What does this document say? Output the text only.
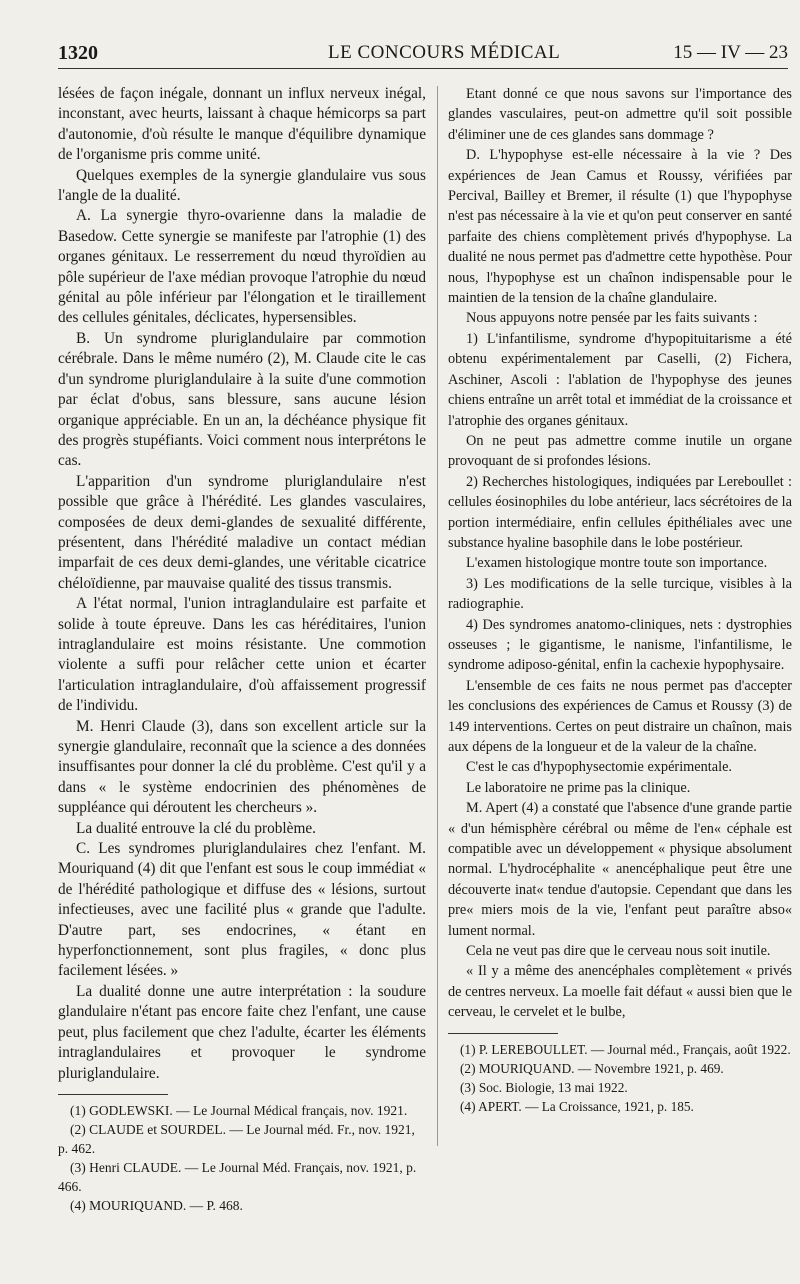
1320	LE CONCOURS MÉDICAL	15 — IV — 23

lésées de façon inégale, donnant un influx nerveux inégal, inconstant, avec heurts, laissant à chaque hémicorps sa part d'autonomie, d'où résulte le manque d'équilibre dynamique de l'organisme pris comme unité.

Quelques exemples de la synergie glandulaire vus sous l'angle de la dualité.

A. La synergie thyro-ovarienne dans la maladie de Basedow. Cette synergie se manifeste par l'atrophie (1) des organes génitaux. Le resserrement du nœud thyroïdien au pôle supérieur de l'axe médian provoque l'atrophie du nœud génital au pôle inférieur par l'élongation et le tiraillement des cellules génitales, déclicates, hypersensibles.

B. Un syndrome pluriglandulaire par commotion cérébrale. Dans le même numéro (2), M. Claude cite le cas d'un syndrome pluriglandulaire à la suite d'une commotion par éclat d'obus, sans blessure, sans aucune lésion organique appréciable. En un an, la déchéance physique fit des progrès stupéfiants. Voici comment nous interprétons le cas.

L'apparition d'un syndrome pluriglandulaire n'est possible que grâce à l'hérédité. Les glandes vasculaires, composées de deux demi-glandes de sexualité différente, présentent, dans l'hérédité maladive un contact médian imparfait de ces deux demi-glandes, une véritable cicatrice chéloïdienne, par mauvaise qualité des tissus transmis.

A l'état normal, l'union intraglandulaire est parfaite et solide à toute épreuve. Dans les cas héréditaires, l'union intraglandulaire est moins résistante. Une commotion violente a suffi pour relâcher cette union et écarter l'articulation intraglandulaire, d'où affaissement progressif de l'individu.

M. Henri Claude (3), dans son excellent article sur la synergie glandulaire, reconnaît que la science a des données insuffisantes pour donner la clé du problème. C'est qu'il y a dans « le système endocrinien des phénomènes de suppléance qui déroutent les chercheurs ».

La dualité entrouve la clé du problème.

C. Les syndromes pluriglandulaires chez l'enfant. M. Mouriquand (4) dit que l'enfant est sous le coup immédiat « de l'hérédité pathologique et diffuse des « lésions, surtout infectieuses, avec une facilité plus « grande que l'adulte. D'autre part, ses endocrines, « étant en hyperfonctionnement, sont plus fragiles, « donc plus facilement lésées. »

La dualité donne une autre interprétation : la soudure glandulaire n'étant pas encore faite chez l'enfant, une cause peut, plus facilement que chez l'adulte, écarter les éléments intraglandulaires et provoquer le syndrome pluriglandulaire.

(1) GODLEWSKI. — Le Journal Médical français, nov. 1921.

(2) CLAUDE et SOURDEL. — Le Journal méd. Fr., nov. 1921, p. 462.

(3) Henri CLAUDE. — Le Journal Méd. Français, nov. 1921, p. 466.

(4) MOURIQUAND. — P. 468.

Etant donné ce que nous savons sur l'importance des glandes vasculaires, peut-on admettre qu'il soit possible d'éliminer une de ces glandes sans dommage ?

D. L'hypophyse est-elle nécessaire à la vie ? Des expériences de Jean Camus et Roussy, vérifiées par Percival, Bailley et Bremer, il résulte (1) que l'hypophyse n'est pas nécessaire à la vie et qu'on peut conserver en santé parfaite des chiens complètement privés d'hypophyse. La dualité ne nous permet pas d'admettre cette hypothèse. Pour nous, l'hypophyse est un chaînon indispensable pour le maintien de la tension de la chaîne glandulaire.

Nous appuyons notre pensée par les faits suivants :

1) L'infantilisme, syndrome d'hypopituitarisme a été obtenu expérimentalement par Caselli, (2) Fichera, Aschiner, Ascoli : l'ablation de l'hypophyse des jeunes chiens entraîne un arrêt total et immédiat de la croissance et l'atrophie des organes génitaux.

On ne peut pas admettre comme inutile un organe provoquant de si profondes lésions.

2) Recherches histologiques, indiquées par Lereboullet : cellules éosinophiles du lobe antérieur, lacs sécrétoires de la portion intermédiaire, enfin cellules épithéliales avec une substance hyaline basophile dans le lobe postérieur.

L'examen histologique montre toute son importance.

3) Les modifications de la selle turcique, visibles à la radiographie.

4) Des syndromes anatomo-cliniques, nets : dystrophies osseuses ; le gigantisme, le nanisme, l'infantilisme, le syndrome adiposo-génital, enfin la cachexie hypophysaire.

L'ensemble de ces faits ne nous permet pas d'accepter les conclusions des expériences de Camus et Roussy (3) de 149 interventions. Certes on peut distraire un chaînon, mais aux dépens de la longueur et de la valeur de la chaîne.

C'est le cas d'hypophysectomie expérimentale.

Le laboratoire ne prime pas la clinique.

M. Apert (4) a constaté que l'absence d'une grande partie « d'un hémisphère cérébral ou même de l'en« céphale est compatible avec un développement « physique absolument normal. L'hydrocéphalite « anencéphalique peut être une découverte inat« tendue d'autopsie. Cependant que dans les pre« miers mois de la vie, l'enfant peut paraître abso« lument normal.

Cela ne veut pas dire que le cerveau nous soit inutile.

« Il y a même des anencéphales complètement « privés de centres nerveux. La moelle fait défaut « aussi bien que le cerveau, le cervelet et le bulbe,

(1) P. LEREBOULLET. — Journal méd., Français, août 1922.

(2) MOURIQUAND. — Novembre 1921, p. 469.

(3) Soc. Biologie, 13 mai 1922.

(4) APERT. — La Croissance, 1921, p. 185.
